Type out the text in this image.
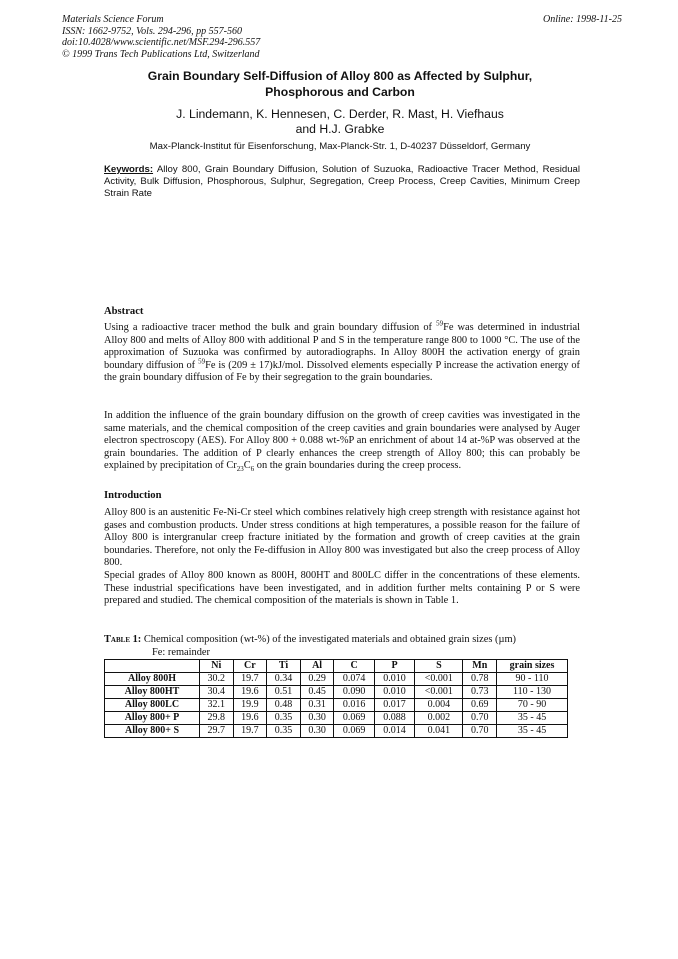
Materials Science Forum
ISSN: 1662-9752, Vols. 294-296, pp 557-560
doi:10.4028/www.scientific.net/MSF.294-296.557
© 1999 Trans Tech Publications Ltd, Switzerland
Online: 1998-11-25
Grain Boundary Self-Diffusion of Alloy 800 as Affected by Sulphur,
Phosphorous and Carbon
J. Lindemann, K. Hennesen, C. Derder, R. Mast, H. Viefhaus
and H.J. Grabke
Max-Planck-Institut für Eisenforschung, Max-Planck-Str. 1, D-40237 Düsseldorf, Germany
Keywords: Alloy 800, Grain Boundary Diffusion, Solution of Suzuoka, Radioactive Tracer Method, Residual Activity, Bulk Diffusion, Phosphorous, Sulphur, Segregation, Creep Process, Creep Cavities, Minimum Creep Strain Rate
Abstract

Using a radioactive tracer method the bulk and grain boundary diffusion of $^{59}$Fe was determined in industrial Alloy 800 and melts of Alloy 800 with additional P and S in the temperature range 800 to 1000 °C. The use of the approximation of Suzuoka was confirmed by autoradiographs. In Alloy 800H the activation energy of grain boundary diffusion of $^{59}$Fe is (209 ± 17)kJ/mol. Dissolved elements especially P increase the activation energy of the grain boundary diffusion of Fe by their segregation to the grain boundaries.

In addition the influence of the grain boundary diffusion on the growth of creep cavities was investigated in the same materials, and the chemical composition of the creep cavities and grain boundaries were analysed by Auger electron spectroscopy (AES). For Alloy 800 + 0.088 wt-%P an enrichment of about 14 at-%P was observed at the grain boundaries. The addition of P clearly enhances the creep strength of Alloy 800; this can probably be explained by precipitation of $Cr_{23}C_6$ on the grain boundaries during the creep process.

Introduction

Alloy 800 is an austenitic Fe-Ni-Cr steel which combines relatively high creep strength with resistance against hot gases and combustion products. Under stress conditions at high temperatures, a possible reason for the failure of Alloy 800 is intergranular creep fracture initiated by the formation and growth of creep cavities at the grain boundaries. Therefore, not only the Fe-diffusion in Alloy 800 was investigated but also the creep process of Alloy 800.

Special grades of Alloy 800 known as 800H, 800HT and 800LC differ in the concentrations of these elements. These industrial specifications have been investigated, and in addition further melts containing P or S were prepared and studied. The chemical composition of the materials is shown in Table 1.

Table 1: Chemical composition (wt-%) of the investigated materials and obtained grain sizes (µm)
Fe: remainder
	Ni	Cr	Ti	Al	C	P	S	Mn	grain sizes
Alloy 800H	30.2	19.7	0.34	0.29	0.074	0.010	<0.001	0.78	90 - 110
Alloy 800HT	30.4	19.6	0.51	0.45	0.090	0.010	<0.001	0.73	110 - 130
Alloy 800LC	32.1	19.9	0.48	0.31	0.016	0.017	0.004	0.69	70 - 90
Alloy 800+ P	29.8	19.6	0.35	0.30	0.069	0.088	0.002	0.70	35 - 45
Alloy 800+ S	29.7	19.7	0.35	0.30	0.069	0.014	0.041	0.70	35 - 45
